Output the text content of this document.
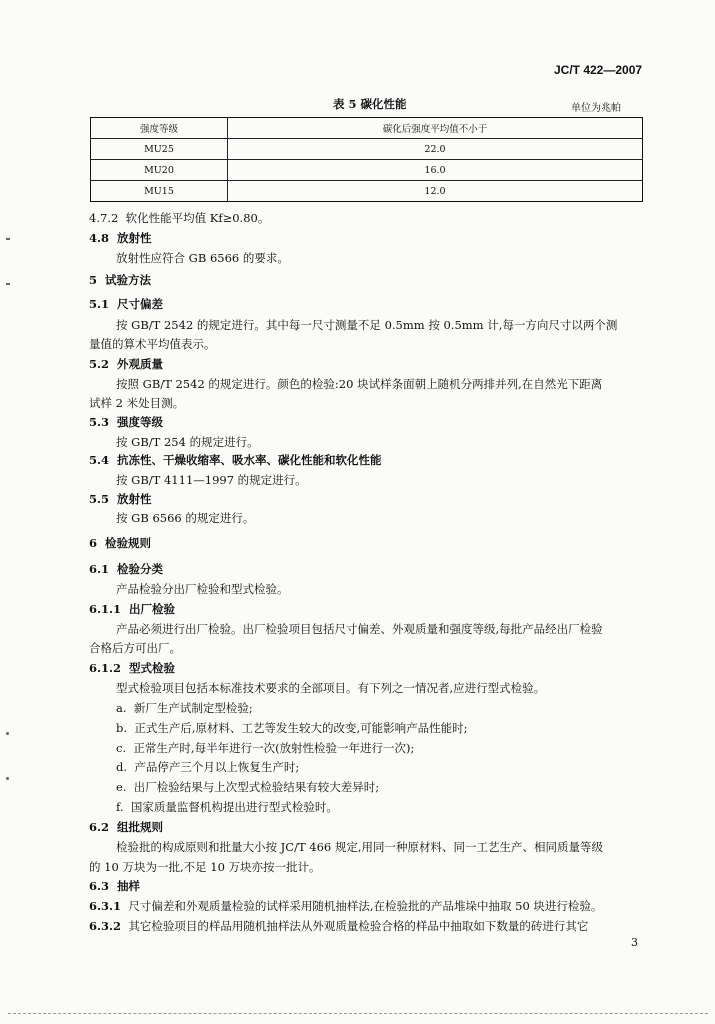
JC/T 422—2007
表 5 碳化性能	单位为兆帕
强度等级	碳化后强度平均值不小于
MU25	22.0
MU20	16.0
MU15	12.0
4.7.2 软化性能平均值 Kf≥0.80。
4.8 放射性
放射性应符合 GB 6566 的要求。
5 试验方法
5.1 尺寸偏差
按 GB/T 2542 的规定进行。其中每一尺寸测量不足 0.5mm 按 0.5mm 计,每一方向尺寸以两个测
量值的算术平均值表示。
5.2 外观质量
按照 GB/T 2542 的规定进行。颜色的检验:20 块试样条面朝上随机分两排并列,在自然光下距离
试样 2 米处目测。
5.3 强度等级
按 GB/T 254 的规定进行。
5.4 抗冻性、干燥收缩率、吸水率、碳化性能和软化性能
按 GB/T 4111—1997 的规定进行。
5.5 放射性
按 GB 6566 的规定进行。
6 检验规则
6.1 检验分类
产品检验分出厂检验和型式检验。
6.1.1 出厂检验
产品必须进行出厂检验。出厂检验项目包括尺寸偏差、外观质量和强度等级,每批产品经出厂检验
合格后方可出厂。
6.1.2 型式检验
型式检验项目包括本标准技术要求的全部项目。有下列之一情况者,应进行型式检验。
a. 新厂生产试制定型检验;
b. 正式生产后,原材料、工艺等发生较大的改变,可能影响产品性能时;
c. 正常生产时,每半年进行一次(放射性检验一年进行一次);
d. 产品停产三个月以上恢复生产时;
e. 出厂检验结果与上次型式检验结果有较大差异时;
f. 国家质量监督机构提出进行型式检验时。
6.2 组批规则
检验批的构成原则和批量大小按 JC/T 466 规定,用同一种原材料、同一工艺生产、相同质量等级
的 10 万块为一批,不足 10 万块亦按一批计。
6.3 抽样
6.3.1 尺寸偏差和外观质量检验的试样采用随机抽样法,在检验批的产品堆垛中抽取 50 块进行检验。
6.3.2 其它检验项目的样品用随机抽样法从外观质量检验合格的样品中抽取如下数量的砖进行其它
3
